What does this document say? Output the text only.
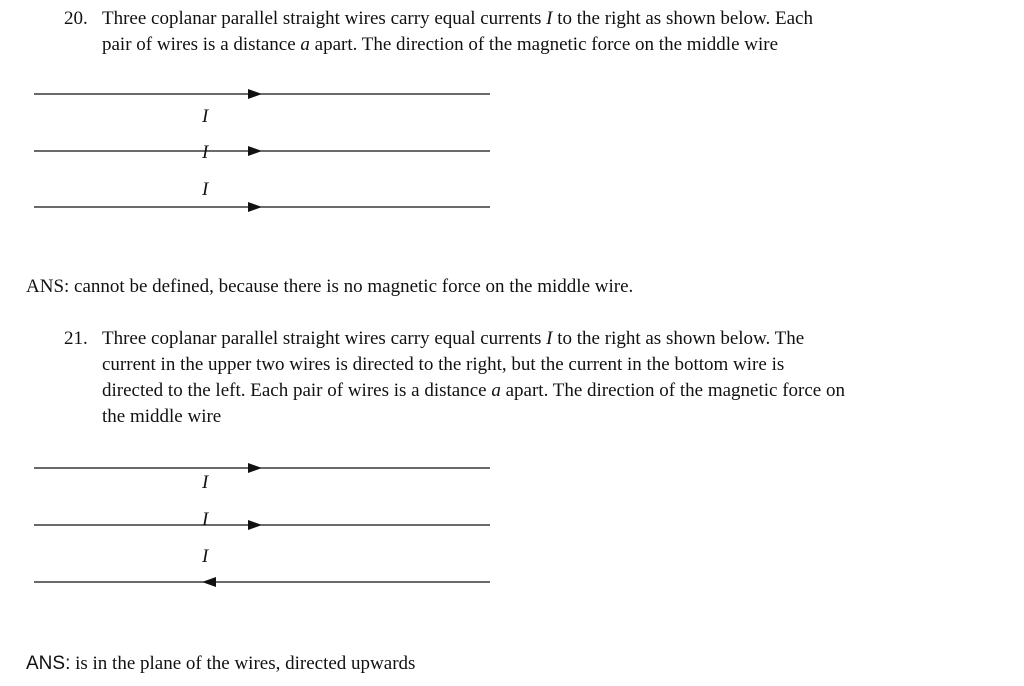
20. Three coplanar parallel straight wires carry equal currents I to the right as shown below. Each
pair of wires is a distance a apart. The direction of the magnetic force on the middle wire
I
I
I
ANS: cannot be defined, because there is no magnetic force on the middle wire.
21. Three coplanar parallel straight wires carry equal currents I to the right as shown below. The
current in the upper two wires is directed to the right, but the current in the bottom wire is
directed to the left. Each pair of wires is a distance a apart. The direction of the magnetic force on
the middle wire
I
I
I
ANS: is in the plane of the wires, directed upwards
